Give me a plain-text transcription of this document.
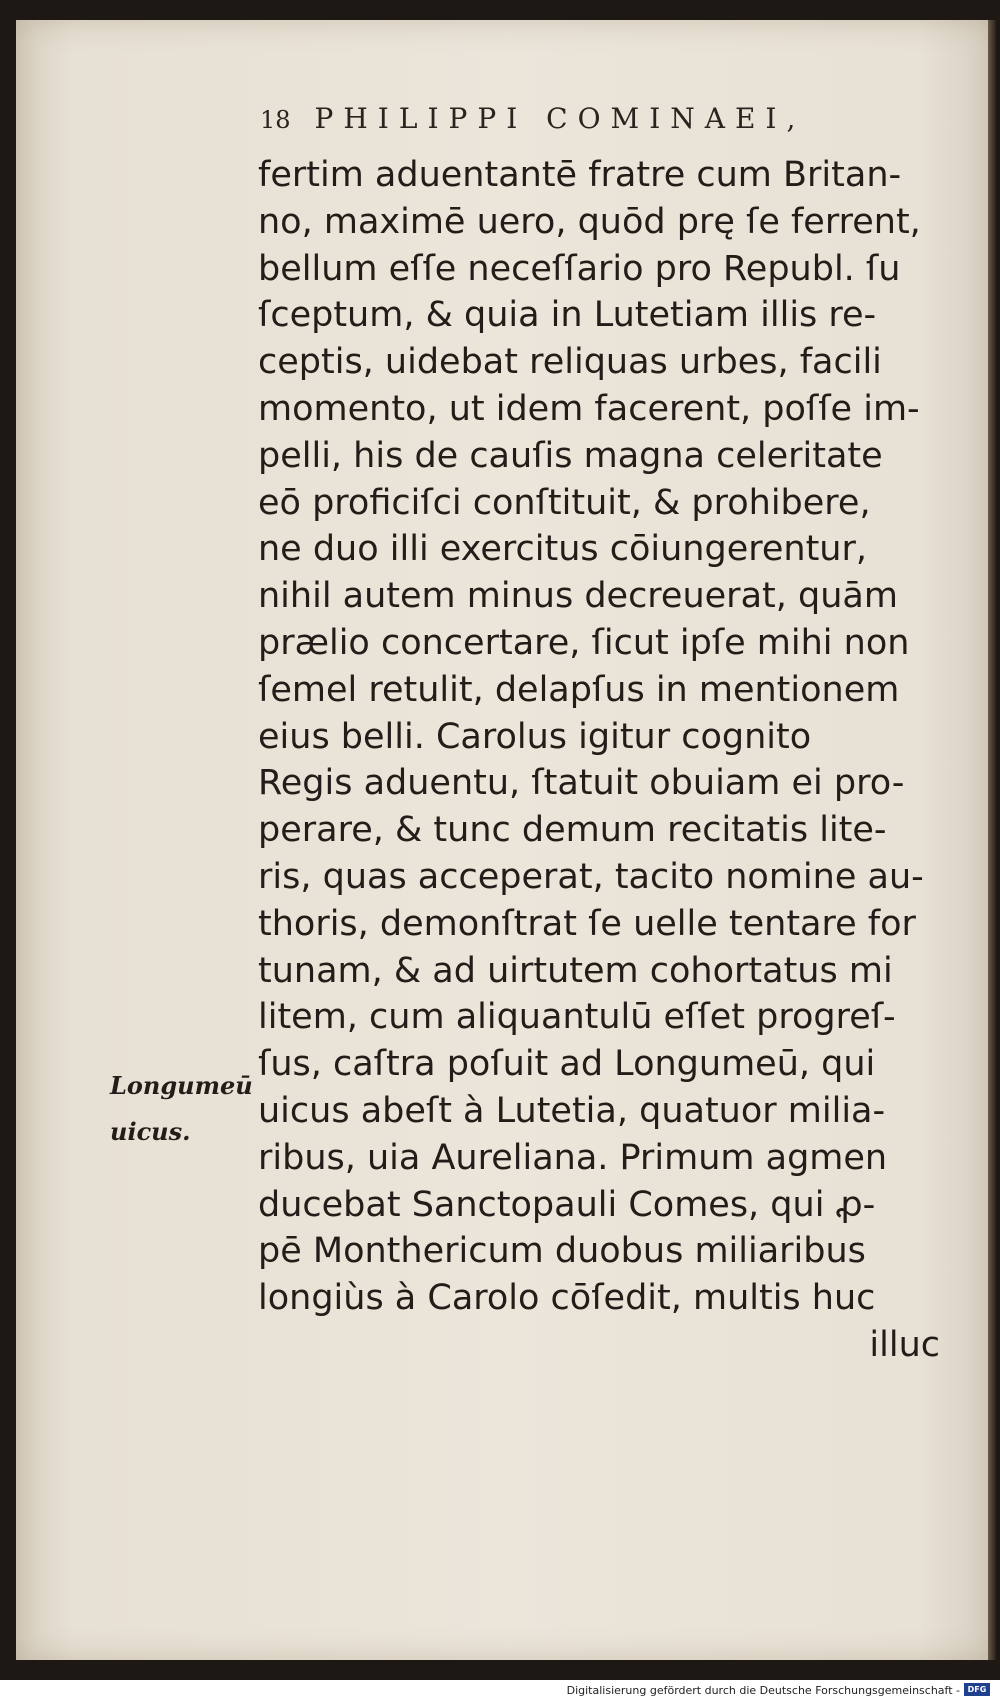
18 PHILIPPI COMINAEI,
fertim aduentantē fratre cum Britan-
no, maximē uero, quōd prę ſe ferrent,
bellum eſſe neceſſario pro Republ. ſu
ſceptum, & quia in Lutetiam illis re-
ceptis, uidebat reliquas urbes, facili
momento, ut idem facerent, poſſe im-
pelli, his de cauſis magna celeritate
eō proficiſci conſtituit, & prohibere,
ne duo illi exercitus cōiungerentur,
nihil autem minus decreuerat, quām
prælio concertare, ſicut ipſe mihi non
ſemel retulit, delapſus in mentionem
eius belli. Carolus igitur cognito
Regis aduentu, ſtatuit obuiam ei pro-
perare, & tunc demum recitatis lite-
ris, quas acceperat, tacito nomine au-
thoris, demonſtrat ſe uelle tentare for
tunam, & ad uirtutem cohortatus mi
litem, cum aliquantulū eſſet progreſ-
ſus, caſtra poſuit ad Longumeū, qui
uicus abeſt à Lutetia, quatuor milia-
ribus, uia Aureliana. Primum agmen
ducebat Sanctopauli Comes, qui ꝓ-
pē Monthericum duobus miliaribus
longiùs à Carolo cōſedit, multis huc
illuc
Longumeū
uicus.
Digitalisierung gefördert durch die Deutsche Forschungsgemeinschaft - DFG
